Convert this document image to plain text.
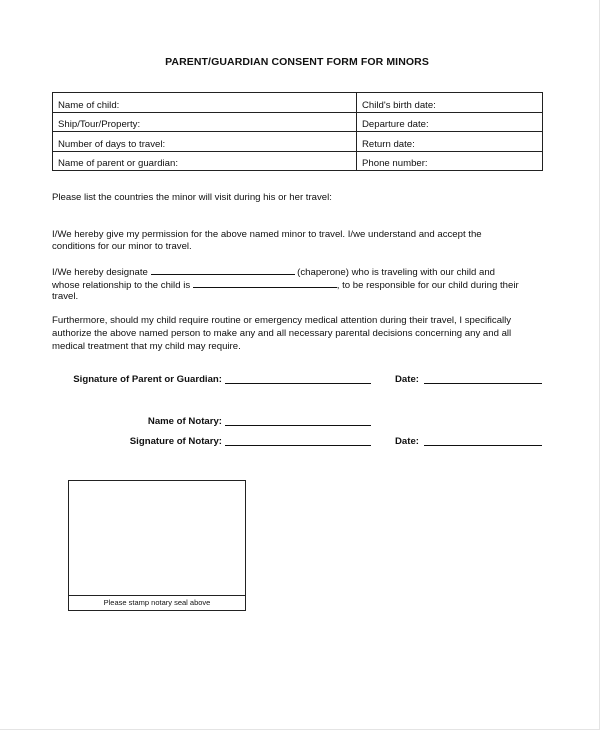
PARENT/GUARDIAN CONSENT FORM FOR MINORS
Name of child:	Child's birth date:
Ship/Tour/Property:	Departure date:
Number of days to travel:	Return date:
Name of parent or guardian:	Phone number:
Please list the countries the minor will visit during his or her travel:
I/We hereby give my permission for the above named minor to travel. I/we understand and accept the
conditions for our minor to travel.
I/We hereby designate	(chaperone) who is traveling with our child and
whose relationship to the child is	, to be responsible for our child during their
travel.
Furthermore, should my child require routine or emergency medical attention during their travel, I specifically
authorize the above named person to make any and all necessary parental decisions concerning any and all
medical treatment that my child may require.
Signature of Parent or Guardian:	Date:
Name of Notary:
Signature of Notary:	Date:
Please stamp notary seal above
